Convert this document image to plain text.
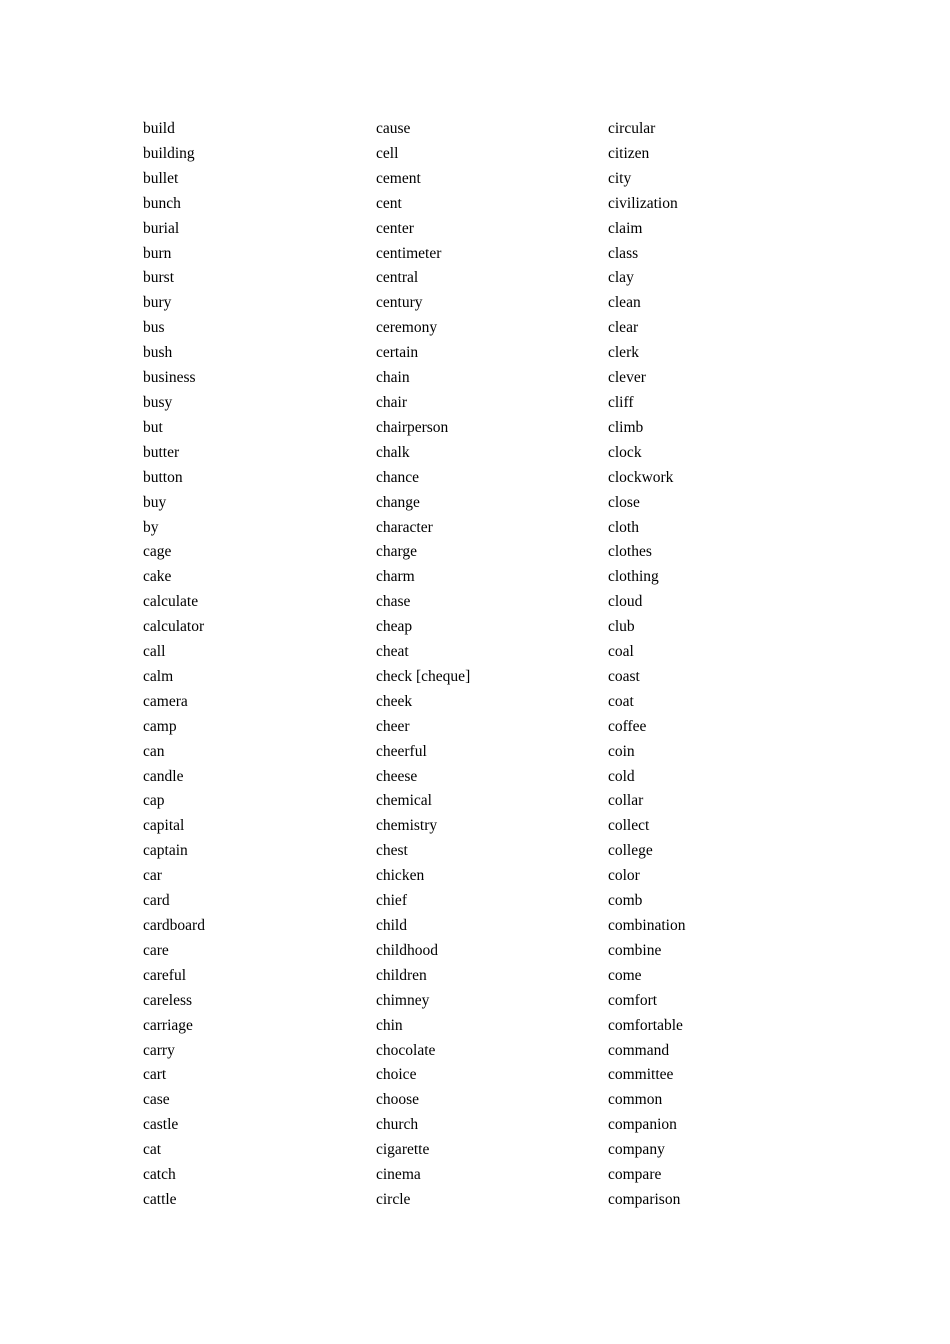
build
building
bullet
bunch
burial
burn
burst
bury
bus
bush
business
busy
but
butter
button
buy
by
cage
cake
calculate
calculator
call
calm
camera
camp
can
candle
cap
capital
captain
car
card
cardboard
care
careful
careless
carriage
carry
cart
case
castle
cat
catch
cattle
cause
cell
cement
cent
center
centimeter
central
century
ceremony
certain
chain
chair
chairperson
chalk
chance
change
character
charge
charm
chase
cheap
cheat
check [cheque]
cheek
cheer
cheerful
cheese
chemical
chemistry
chest
chicken
chief
child
childhood
children
chimney
chin
chocolate
choice
choose
church
cigarette
cinema
circle
circular
citizen
city
civilization
claim
class
clay
clean
clear
clerk
clever
cliff
climb
clock
clockwork
close
cloth
clothes
clothing
cloud
club
coal
coast
coat
coffee
coin
cold
collar
collect
college
color
comb
combination
combine
come
comfort
comfortable
command
committee
common
companion
company
compare
comparison
